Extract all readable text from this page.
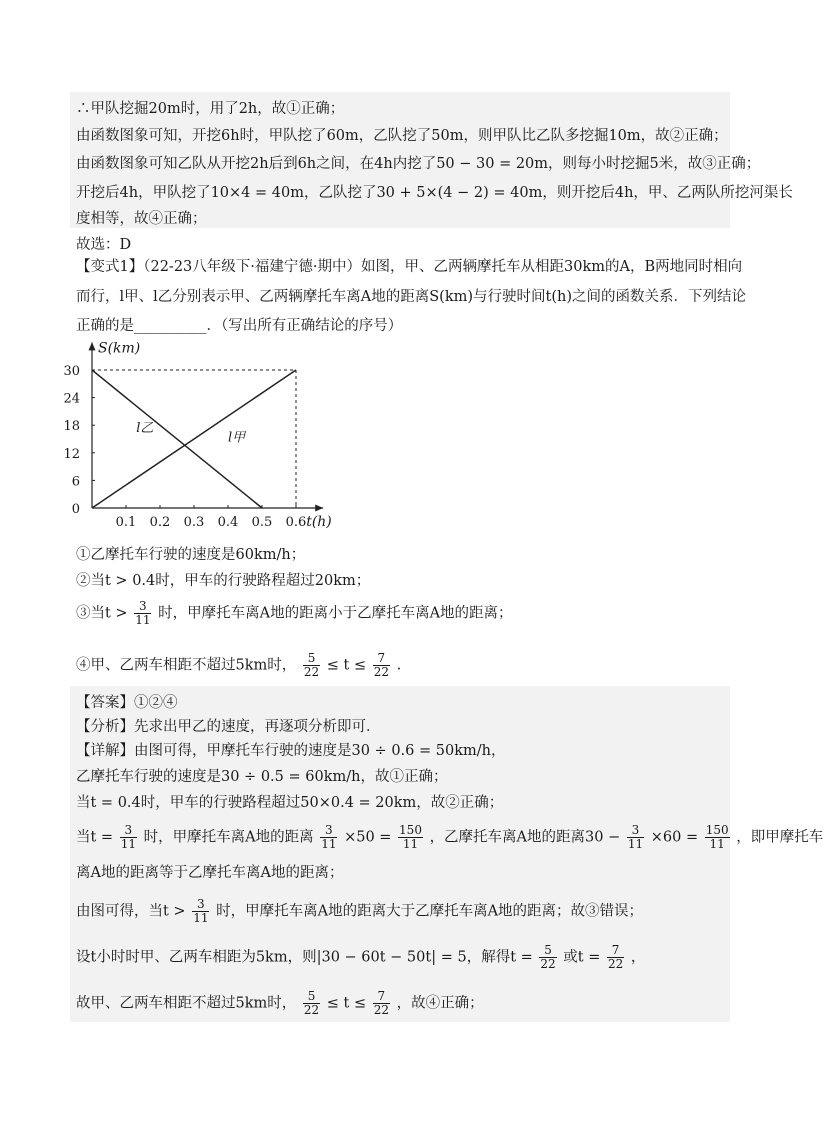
∴甲队挖掘20m时，用了2h，故①正确；
由函数图象可知，开挖6h时，甲队挖了60m，乙队挖了50m，则甲队比乙队多挖掘10m，故②正确；
由函数图象可知乙队从开挖2h后到6h之间，在4h内挖了50 − 30 = 20m，则每小时挖掘5米，故③正确；
开挖后4h，甲队挖了10×4 = 40m，乙队挖了30 + 5×(4 − 2) = 40m，则开挖后4h，甲、乙两队所挖河渠长
度相等，故④正确；
故选：D
【变式1】（22-23八年级下·福建宁德·期中）如图，甲、乙两辆摩托车从相距30km的A，B两地同时相向
而行，l甲、l乙分别表示甲、乙两辆摩托车离A地的距离S(km)与行驶时间t(h)之间的函数关系．下列结论
正确的是__________．（写出所有正确结论的序号）
S(km)
t(h)
0
6
12
18
24
30
0.1 0.2 0.3 0.4 0.5 0.6
l乙
l甲
①乙摩托车行驶的速度是60km/h；
②当t > 0.4时，甲车的行驶路程超过20km；
③当$t > \frac{3}{11}$ 时，甲摩托车离A地的距离小于乙摩托车离A地的距离；
④甲、乙两车相距不超过5km时， $\frac{5}{22} \le t \le \frac{7}{22}$ .
【答案】①②④
【分析】先求出甲乙的速度，再逐项分析即可．
【详解】由图可得，甲摩托车行驶的速度是30 ÷ 0.6 = 50km/h，
乙摩托车行驶的速度是30 ÷ 0.5 = 60km/h，故①正确；
当t = 0.4时，甲车的行驶路程超过50×0.4 = 20km，故②正确；
当$t = \frac{3}{11}$ 时，甲摩托车离A地的距离 $\frac{3}{11} \times 50 = \frac{150}{11}$ ，乙摩托车离A地的距离$30 - \frac{3}{11} \times 60 = \frac{150}{11}$ ，即甲摩托车
离A地的距离等于乙摩托车离A地的距离；
由图可得，当$t > \frac{3}{11}$ 时，甲摩托车离A地的距离大于乙摩托车离A地的距离；故③错误；
设t小时时甲、乙两车相距为5km，则|30 − 60t − 50t| = 5，解得$t = \frac{5}{22}$ 或$t = \frac{7}{22}$ ，
故甲、乙两车相距不超过5km时， $\frac{5}{22} \le t \le \frac{7}{22}$ ，故④正确；
